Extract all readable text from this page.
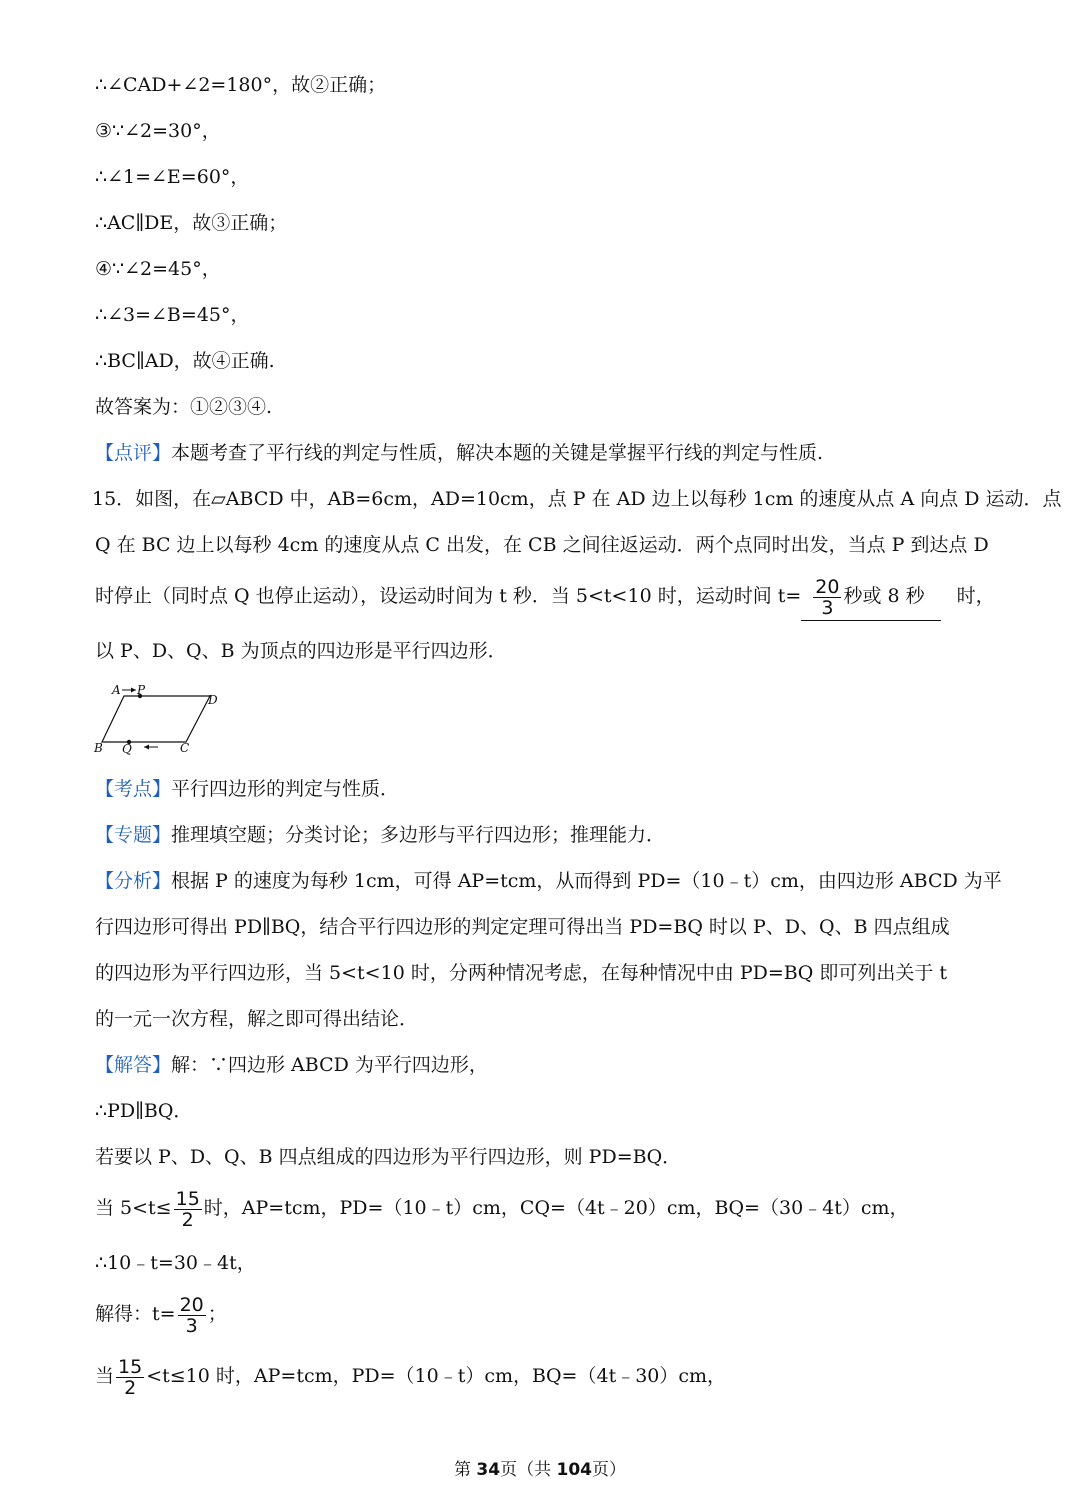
∴∠CAD+∠2=180°，故②正确；
③∵∠2=30°，
∴∠1=∠E=60°，
∴AC∥DE，故③正确；
④∵∠2=45°，
∴∠3=∠B=45°，
∴BC∥AD，故④正确.
故答案为：①②③④.
【点评】本题考查了平行线的判定与性质，解决本题的关键是掌握平行线的判定与性质.
15．如图，在▱ABCD 中，AB=6cm，AD=10cm，点 P 在 AD 边上以每秒 1cm 的速度从点 A 向点 D 运动．点
Q 在 BC 边上以每秒 4cm 的速度从点 C 出发，在 CB 之间往返运动．两个点同时出发，当点 P 到达点 D
时停止（同时点 Q 也停止运动），设运动时间为 t 秒．当 5<t<10 时，运动时间 $t= \frac{20}{3}$ 秒或 8 秒 时，
以 P、D、Q、B 为顶点的四边形是平行四边形．
A P
D
B Q	C
【考点】平行四边形的判定与性质．
【专题】推理填空题；分类讨论；多边形与平行四边形；推理能力．
【分析】根据 P 的速度为每秒 1cm，可得 AP=tcm，从而得到 PD=（10﹣t）cm，由四边形 ABCD 为平
行四边形可得出 PD∥BQ，结合平行四边形的判定定理可得出当 PD=BQ 时以 P、D、Q、B 四点组成
的四边形为平行四边形，当 5<t<10 时，分两种情况考虑，在每种情况中由 PD=BQ 即可列出关于 t
的一元一次方程，解之即可得出结论．
【解答】解：∵四边形 ABCD 为平行四边形，
∴PD∥BQ．
若要以 P、D、Q、B 四点组成的四边形为平行四边形，则 PD=BQ．
当 $5<t\le \frac{15}{2}$ 时，AP=tcm，PD=（10﹣t）cm，CQ=（4t﹣20）cm，BQ=（30﹣4t）cm，
∴10﹣t=30﹣4t，
解得：$t= \frac{20}{3}$ ；
当 $\frac{15}{2} <t\le 10$ 时，AP=tcm，PD=（10﹣t）cm，BQ=（4t﹣30）cm，
第 34页（共 104页）
